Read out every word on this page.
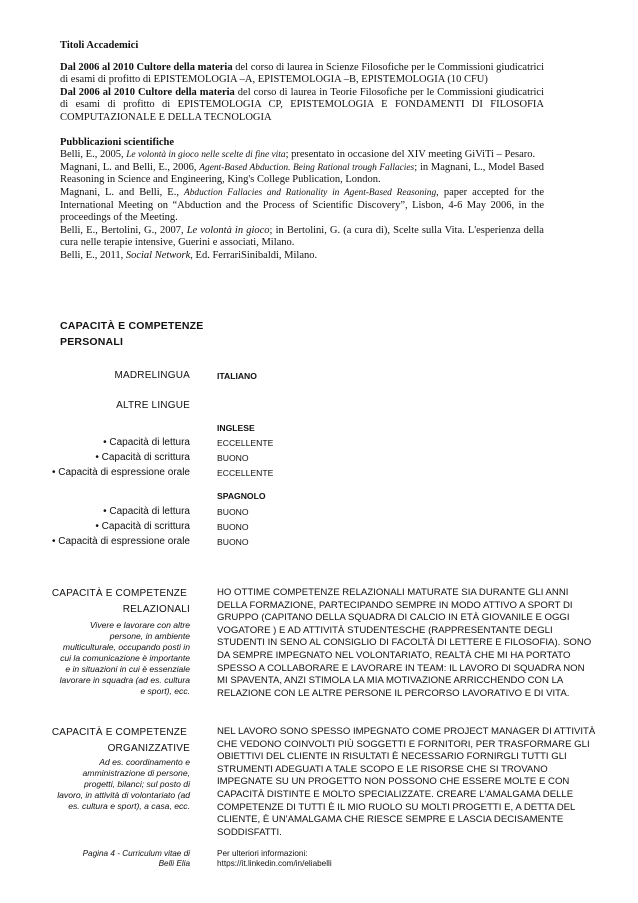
Titoli Accademici

Dal 2006 al 2010 Cultore della materia del corso di laurea in Scienze Filosofiche per le Commissioni giudicatrici di esami di profitto di EPISTEMOLOGIA –A, EPISTEMOLOGIA –B, EPISTEMOLOGIA (10 CFU)

Dal 2006 al 2010 Cultore della materia del corso di laurea in Teorie Filosofiche per le Commissioni giudicatrici di esami di profitto di EPISTEMOLOGIA CP, EPISTEMOLOGIA E FONDAMENTI DI FILOSOFIA COMPUTAZIONALE E DELLA TECNOLOGIA

Pubblicazioni scientifiche

Belli, E., 2005, Le volontà in gioco nelle scelte di fine vita; presentato in occasione del XIV meeting GiViTi – Pesaro.

Magnani, L. and Belli, E., 2006, Agent-Based Abduction. Being Rational trough Fallacies; in Magnani, L., Model Based Reasoning in Science and Engineering, King's College Publication, London.

Magnani, L. and Belli, E., Abduction Fallacies and Rationality in Agent-Based Reasoning, paper accepted for the International Meeting on “Abduction and the Process of Scientific Discovery”, Lisbon, 4-6 May 2006, in the proceedings of the Meeting.

Belli, E., Bertolini, G., 2007, Le volontà in gioco; in Bertolini, G. (a cura di), Scelte sulla Vita. L'esperienza della cura nelle terapie intensive, Guerini e associati, Milano.

Belli, E., 2011, Social Network, Ed. FerrariSinibaldi, Milano.

CAPACITÀ E COMPETENZE
PERSONALI
MADRELINGUA	ITALIANO
ALTRE LINGUE
INGLESE
• Capacità di lettura	ECCELLENTE
• Capacità di scrittura	BUONO
• Capacità di espressione orale	ECCELLENTE
SPAGNOLO
• Capacità di lettura	BUONO
• Capacità di scrittura	BUONO
• Capacità di espressione orale	BUONO
CAPACITÀ E COMPETENZE
RELAZIONALI
Vivere e lavorare con altre persone, in ambiente multiculturale, occupando posti in cui la comunicazione è importante e in situazioni in cui è essenziale lavorare in squadra (ad es. cultura e sport), ecc.
HO OTTIME COMPETENZE RELAZIONALI MATURATE SIA DURANTE GLI ANNI DELLA FORMAZIONE, PARTECIPANDO SEMPRE IN MODO ATTIVO A SPORT DI GRUPPO (CAPITANO DELLA SQUADRA DI CALCIO IN ETÀ GIOVANILE E OGGI VOGATORE ) E AD ATTIVITÀ STUDENTESCHE (RAPPRESENTANTE DEGLI STUDENTI IN SENO AL CONSIGLIO DI FACOLTÀ DI LETTERE E FILOSOFIA). SONO DA SEMPRE IMPEGNATO NEL VOLONTARIATO, REALTÀ CHE MI HA PORTATO SPESSO A COLLABORARE E LAVORARE IN TEAM: IL LAVORO DI SQUADRA NON MI SPAVENTA, ANZI STIMOLA LA MIA MOTIVAZIONE ARRICCHENDO CON LA RELAZIONE CON LE ALTRE PERSONE IL PERCORSO LAVORATIVO E DI VITA.
CAPACITÀ E COMPETENZE
ORGANIZZATIVE
Ad es. coordinamento e amministrazione di persone, progetti, bilanci; sul posto di lavoro, in attività di volontariato (ad es. cultura e sport), a casa, ecc.
NEL LAVORO SONO SPESSO IMPEGNATO COME PROJECT MANAGER DI ATTIVITÀ CHE VEDONO COINVOLTI PIÙ SOGGETTI E FORNITORI, PER TRASFORMARE GLI OBIETTIVI DEL CLIENTE IN RISULTATI È NECESSARIO FORNIRGLI TUTTI GLI STRUMENTI ADEGUATI A TALE SCOPO E LE RISORSE CHE SI TROVANO IMPEGNATE SU UN PROGETTO NON POSSONO CHE ESSERE MOLTE E CON CAPACITÀ DISTINTE E MOLTO SPECIALIZZATE. CREARE L'AMALGAMA DELLE COMPETENZE DI TUTTI È IL MIO RUOLO SU MOLTI PROGETTI E, A DETTA DEL CLIENTE, È UN'AMALGAMA CHE RIESCE SEMPRE E LASCIA DECISAMENTE SODDISFATTI.
Pagina 4 - Curriculum vitae di
Belli Elia
Per ulteriori informazioni:
https://it.linkedin.com/in/eliabelli
